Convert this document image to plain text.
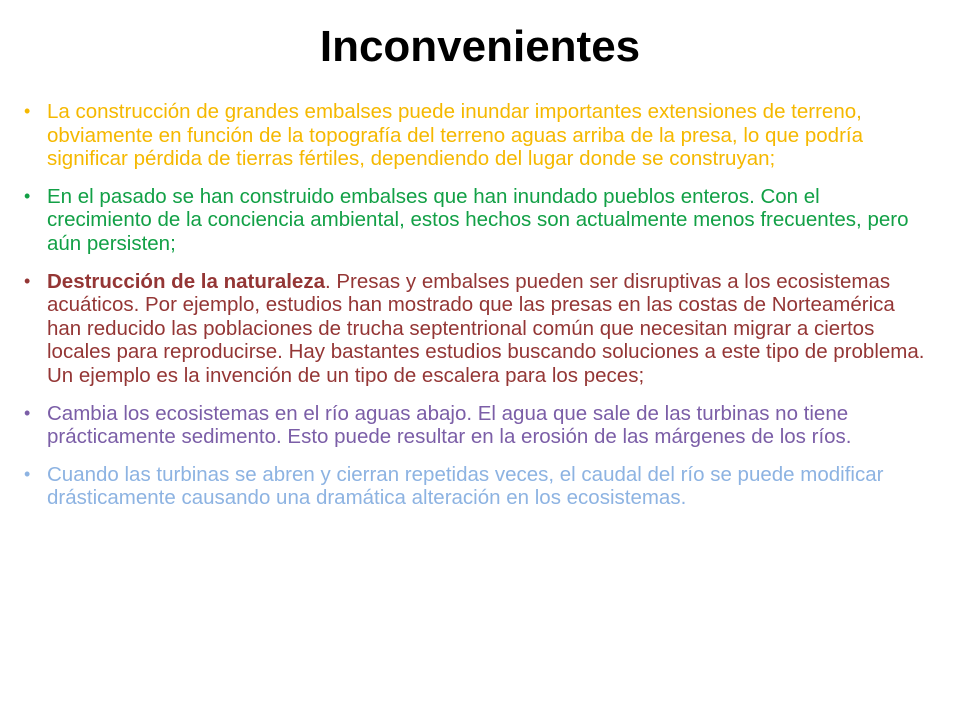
Inconvenientes
• La construcción de grandes embalses puede inundar importantes extensiones de terreno, obviamente en función de la topografía del terreno aguas arriba de la presa, lo que podría significar pérdida de tierras fértiles, dependiendo del lugar donde se construyan;
• En el pasado se han construido embalses que han inundado pueblos enteros. Con el crecimiento de la conciencia ambiental, estos hechos son actualmente menos frecuentes, pero aún persisten;
• Destrucción de la naturaleza. Presas y embalses pueden ser disruptivas a los ecosistemas acuáticos. Por ejemplo, estudios han mostrado que las presas en las costas de Norteamérica han reducido las poblaciones de trucha septentrional común que necesitan migrar a ciertos locales para reproducirse. Hay bastantes estudios buscando soluciones a este tipo de problema. Un ejemplo es la invención de un tipo de escalera para los peces;
• Cambia los ecosistemas en el río aguas abajo. El agua que sale de las turbinas no tiene prácticamente sedimento. Esto puede resultar en la erosión de las márgenes de los ríos.
• Cuando las turbinas se abren y cierran repetidas veces, el caudal del río se puede modificar drásticamente causando una dramática alteración en los ecosistemas.
